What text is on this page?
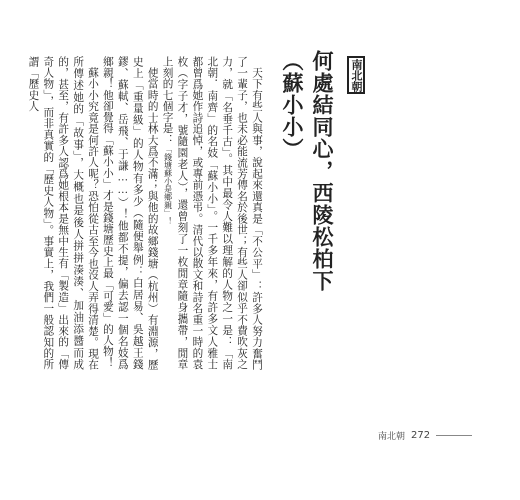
南北朝
何處結同心，西陵松柏下
（蘇小小）

天下有些人與事，說起來還真是「不公平」：許多人努力奮鬥了一輩子，也未必能流芳傳名於後世；有些人卻似乎不費吹灰之力，就「名垂千古」。其中最令人難以理解的人物之一是：「南北朝．南齊」的名妓「蘇小小」。一千多年來，有許多文人雅士都曾爲她作詩追悼，或專前憑弔。清代以散文和詩名重一時的袁枚（字子才，號隨園老人），還曾刻了一枚閒章隨身攜帶，閒章上刻的七個字是：「錢塘蘇小是鄉親」！

使當時的士林大爲不滿；與他的故鄉錢塘（杭州）有淵源，歷史上「重量級」的人物有多少（隨便舉例：白居易、吳越王錢鏐、蘇軾、岳飛、于謙……）！他都不提，偏去認一個名妓爲鄉親！他卻覺得「蘇小小」才是錢塘歷史上最「可愛」的人物！

蘇小小究竟是何許人呢？恐怕從古至今也沒人弄得清楚。現在所傳述她的「故事」，大概也是後人拼拼湊湊、加油添醬而成的，甚至，有許多人認爲她根本是無中生有「製造」出來的「傳奇人物」，而非真實的「歷史人物」。事實上，我們一般認知的所謂「歷史人

南北朝 272
